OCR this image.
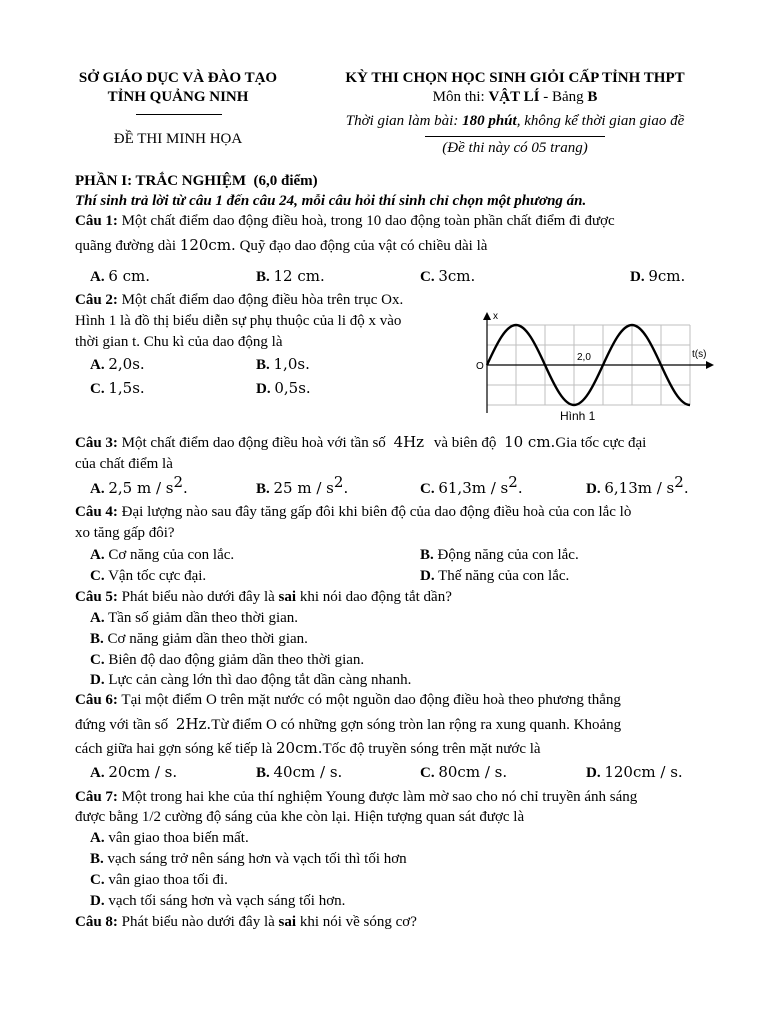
SỞ GIÁO DỤC VÀ ĐÀO TẠO
TỈNH QUẢNG NINH
ĐỀ THI MINH HỌA
KỲ THI CHỌN HỌC SINH GIỎI CẤP TỈNH THPT
Môn thi: VẬT LÍ - Bảng B
Thời gian làm bài: 180 phút, không kể thời gian giao đề
(Đề thi này có 05 trang)
PHẦN I: TRẮC NGHIỆM (6,0 điểm)
Thí sinh trả lời từ câu 1 đến câu 24, mỗi câu hỏi thí sinh chỉ chọn một phương án.
Câu 1: Một chất điểm dao động điều hoà, trong 10 dao động toàn phần chất điểm đi được
quãng đường dài 120cm. Quỹ đạo dao động của vật có chiều dài là
A. 6 cm.	B. 12 cm.	C. 3cm.	D. 9cm.
Câu 2: Một chất điểm dao động điều hòa trên trục Ox.
Hình 1 là đồ thị biểu diễn sự phụ thuộc của li độ x vào
thời gian t. Chu kì của dao động là
A. 2,0s.	B. 1,0s.
C. 1,5s.	D. 0,5s.
x
O
2,0	t(s)
Hình 1
Câu 3: Một chất điểm dao động điều hoà với tần số 4Hz và biên độ 10 cm.Gia tốc cực đại
của chất điểm là
A. 2,5 m / $s^2$.	B. 25 m / $s^2$.	C. $61,3m / s^2$.	D. $6,13m / s^2$.
Câu 4: Đại lượng nào sau đây tăng gấp đôi khi biên độ của dao động điều hoà của con lắc lò
xo tăng gấp đôi?
A. Cơ năng của con lắc.	B. Động năng của con lắc.
C. Vận tốc cực đại.	D. Thế năng của con lắc.
Câu 5: Phát biểu nào dưới đây là sai khi nói dao động tắt dần?
A. Tần số giảm dần theo thời gian.
B. Cơ năng giảm dần theo thời gian.
C. Biên độ dao động giảm dần theo thời gian.
D. Lực cản càng lớn thì dao động tắt dần càng nhanh.
Câu 6: Tại một điểm O trên mặt nước có một nguồn dao động điều hoà theo phương thẳng
đứng với tần số 2Hz.Từ điểm O có những gợn sóng tròn lan rộng ra xung quanh. Khoảng
cách giữa hai gợn sóng kế tiếp là 20cm.Tốc độ truyền sóng trên mặt nước là
A. 20cm / s.	B. 40cm / s.	C. 80cm / s.	D. 120cm / s.
Câu 7: Một trong hai khe của thí nghiệm Young được làm mờ sao cho nó chỉ truyền ánh sáng
được bằng 1/2 cường độ sáng của khe còn lại. Hiện tượng quan sát được là
A. vân giao thoa biến mất.
B. vạch sáng trở nên sáng hơn và vạch tối thì tối hơn
C. vân giao thoa tối đi.
D. vạch tối sáng hơn và vạch sáng tối hơn.
Câu 8: Phát biểu nào dưới đây là sai khi nói về sóng cơ?
